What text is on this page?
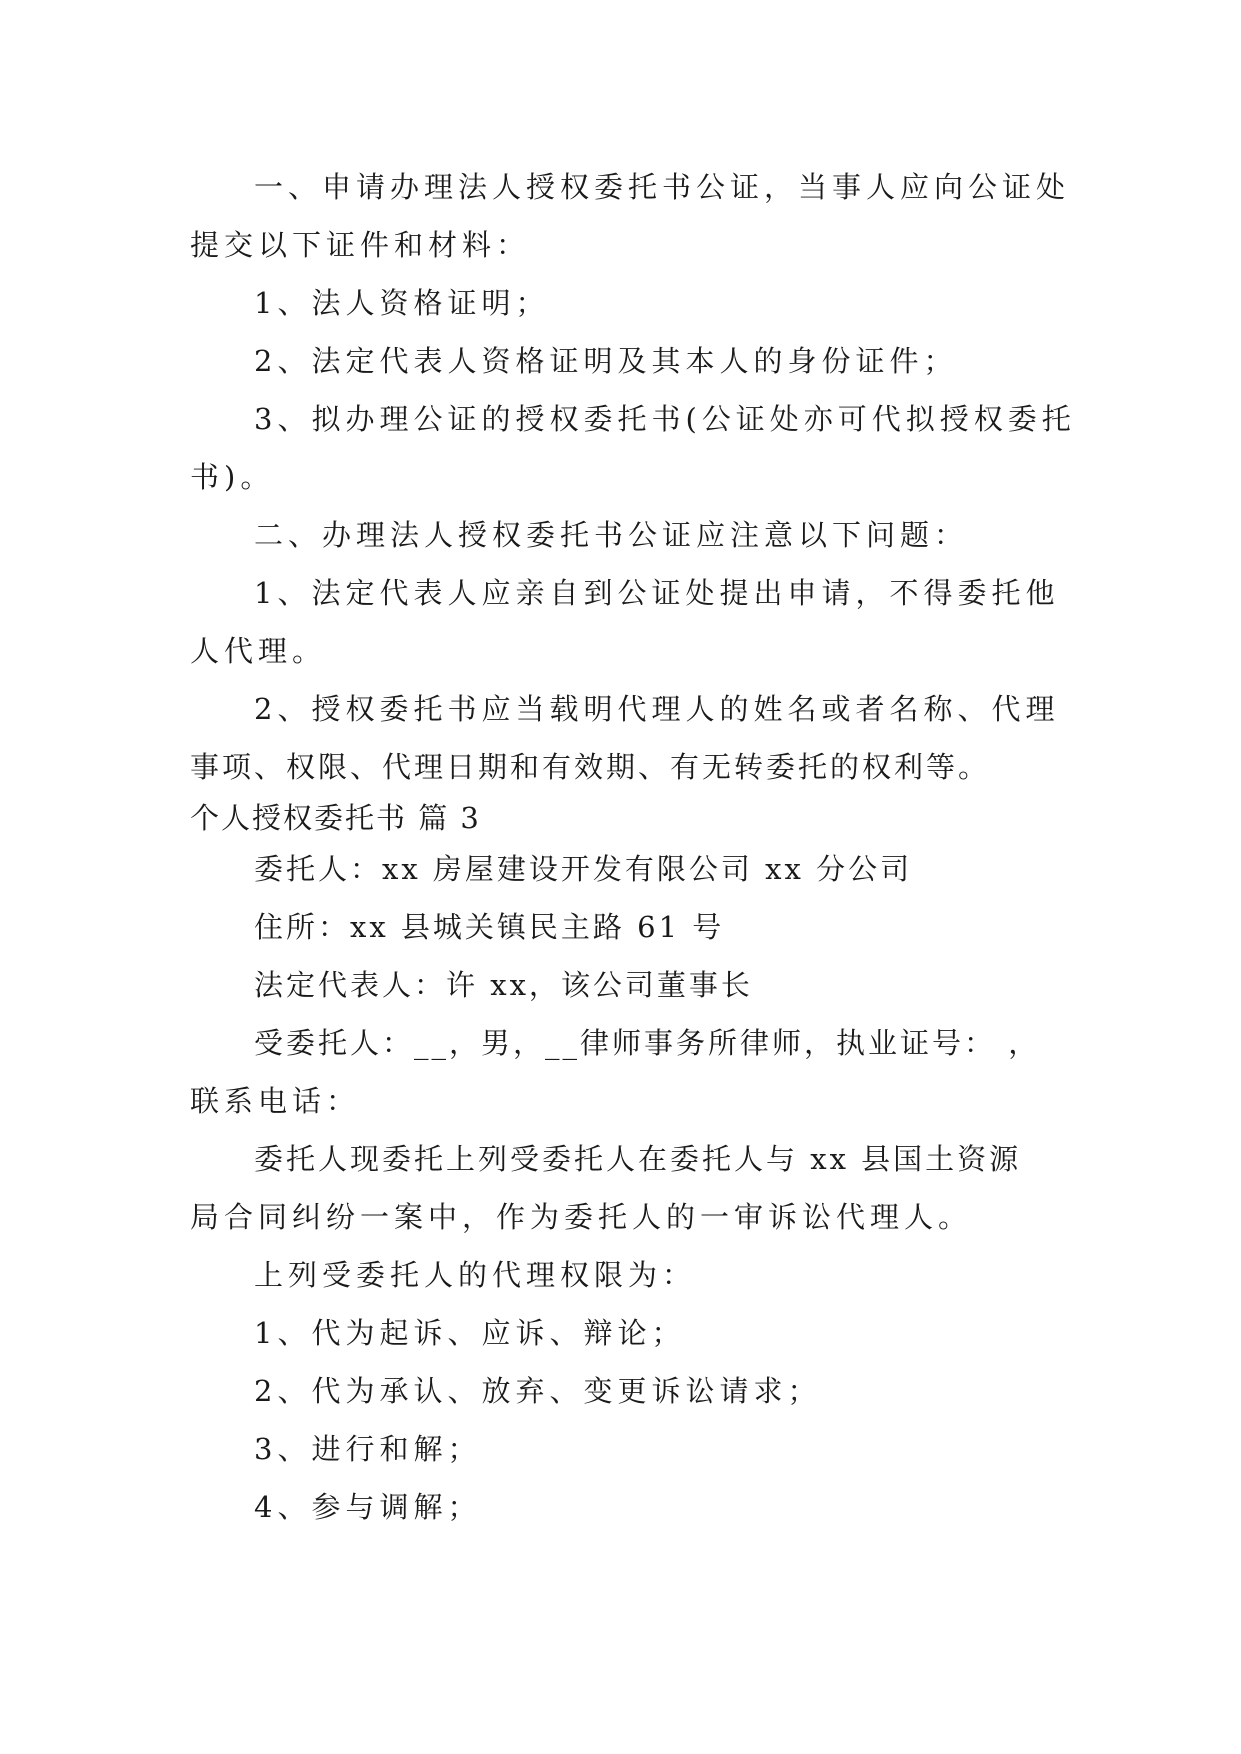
一、申请办理法人授权委托书公证，当事人应向公证处
提交以下证件和材料：
1、法人资格证明；
2、法定代表人资格证明及其本人的身份证件；
3、拟办理公证的授权委托书(公证处亦可代拟授权委托
书)。
二、办理法人授权委托书公证应注意以下问题：
1、法定代表人应亲自到公证处提出申请，不得委托他
人代理。
2、授权委托书应当载明代理人的姓名或者名称、代理
事项、权限、代理日期和有效期、有无转委托的权利等。
个人授权委托书 篇 3
委托人：xx 房屋建设开发有限公司 xx 分公司
住所：xx 县城关镇民主路 61 号
法定代表人：许 xx，该公司董事长
受委托人：__，男，__律师事务所律师，执业证号： ，
联系电话：
委托人现委托上列受委托人在委托人与 xx 县国土资源
局合同纠纷一案中，作为委托人的一审诉讼代理人。
上列受委托人的代理权限为：
1、代为起诉、应诉、辩论；
2、代为承认、放弃、变更诉讼请求；
3、进行和解；
4、参与调解；
